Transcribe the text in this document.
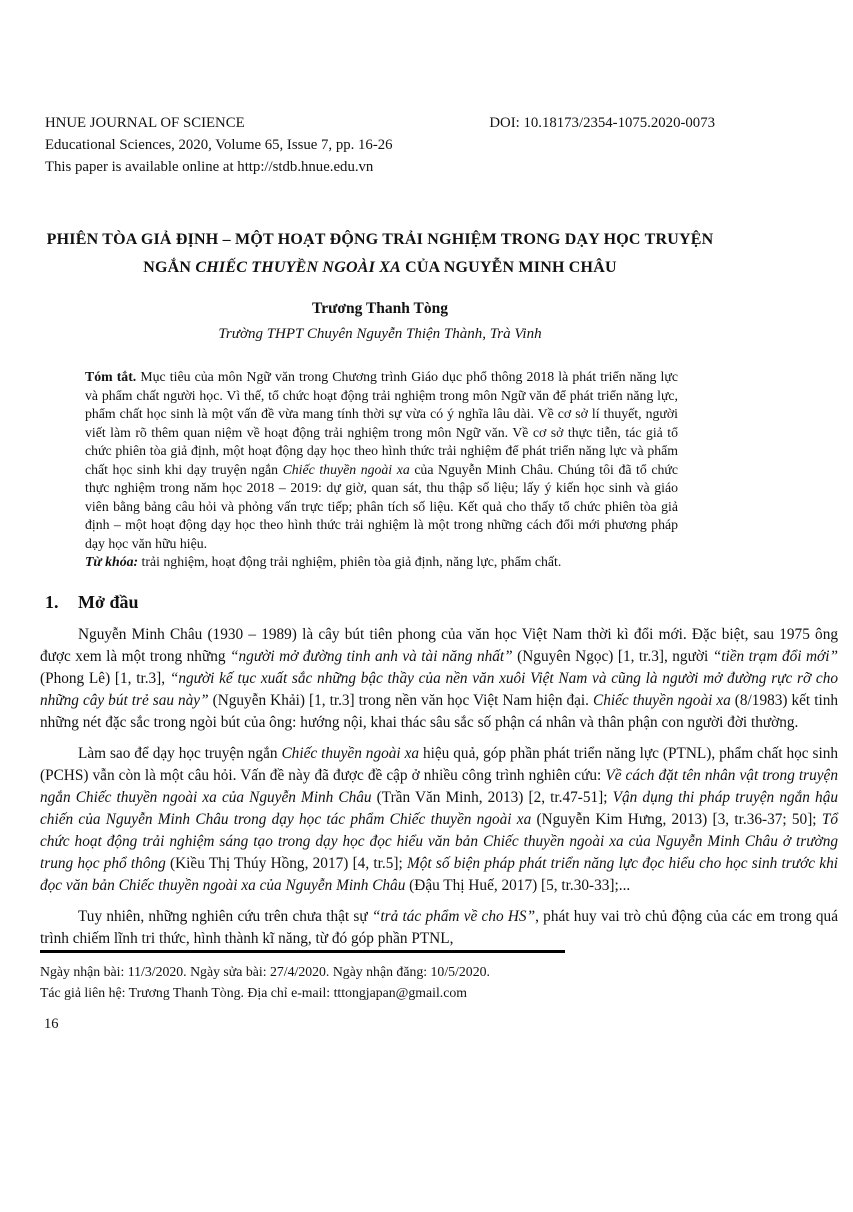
HNUE JOURNAL OF SCIENCE	DOI: 10.18173/2354-1075.2020-0073
Educational Sciences, 2020, Volume 65, Issue 7, pp. 16-26
This paper is available online at http://stdb.hnue.edu.vn
PHIÊN TÒA GIẢ ĐỊNH – MỘT HOẠT ĐỘNG TRẢI NGHIỆM TRONG DẠY HỌC TRUYỆN NGẮN CHIẾC THUYỀN NGOÀI XA CỦA NGUYỄN MINH CHÂU
Trương Thanh Tòng
Trường THPT Chuyên Nguyễn Thiện Thành, Trà Vinh

Tóm tắt. Mục tiêu của môn Ngữ văn trong Chương trình Giáo dục phổ thông 2018 là phát triển năng lực và phẩm chất người học. Vì thế, tổ chức hoạt động trải nghiệm trong môn Ngữ văn để phát triển năng lực, phẩm chất học sinh là một vấn đề vừa mang tính thời sự vừa có ý nghĩa lâu dài. Về cơ sở lí thuyết, người viết làm rõ thêm quan niệm về hoạt động trải nghiệm trong môn Ngữ văn. Về cơ sở thực tiễn, tác giả tổ chức phiên tòa giả định, một hoạt động dạy học theo hình thức trải nghiệm để phát triển năng lực và phẩm chất học sinh khi dạy truyện ngắn Chiếc thuyền ngoài xa của Nguyễn Minh Châu. Chúng tôi đã tổ chức thực nghiệm trong năm học 2018 – 2019: dự giờ, quan sát, thu thập số liệu; lấy ý kiến học sinh và giáo viên bằng bảng câu hỏi và phỏng vấn trực tiếp; phân tích số liệu. Kết quả cho thấy tổ chức phiên tòa giả định – một hoạt động dạy học theo hình thức trải nghiệm là một trong những cách đổi mới phương pháp dạy học văn hữu hiệu.

Từ khóa: trải nghiệm, hoạt động trải nghiệm, phiên tòa giả định, năng lực, phẩm chất.

1. Mở đầu

Nguyễn Minh Châu (1930 – 1989) là cây bút tiên phong của văn học Việt Nam thời kì đổi mới. Đặc biệt, sau 1975 ông được xem là một trong những “người mở đường tinh anh và tài năng nhất” (Nguyên Ngọc) [1, tr.3], người “tiền trạm đổi mới” (Phong Lê) [1, tr.3], “người kế tục xuất sắc những bậc thầy của nền văn xuôi Việt Nam và cũng là người mở đường rực rỡ cho những cây bút trẻ sau này” (Nguyễn Khải) [1, tr.3] trong nền văn học Việt Nam hiện đại. Chiếc thuyền ngoài xa (8/1983) kết tinh những nét đặc sắc trong ngòi bút của ông: hướng nội, khai thác sâu sắc số phận cá nhân và thân phận con người đời thường.

Làm sao để dạy học truyện ngắn Chiếc thuyền ngoài xa hiệu quả, góp phần phát triển năng lực (PTNL), phẩm chất học sinh (PCHS) vẫn còn là một câu hỏi. Vấn đề này đã được đề cập ở nhiều công trình nghiên cứu: Về cách đặt tên nhân vật trong truyện ngắn Chiếc thuyền ngoài xa của Nguyễn Minh Châu (Trần Văn Minh, 2013) [2, tr.47-51]; Vận dụng thi pháp truyện ngắn hậu chiến của Nguyễn Minh Châu trong dạy học tác phẩm Chiếc thuyền ngoài xa (Nguyễn Kim Hưng, 2013) [3, tr.36-37; 50]; Tổ chức hoạt động trải nghiệm sáng tạo trong dạy học đọc hiểu văn bản Chiếc thuyền ngoài xa của Nguyễn Minh Châu ở trường trung học phổ thông (Kiều Thị Thúy Hồng, 2017) [4, tr.5]; Một số biện pháp phát triển năng lực đọc hiểu cho học sinh trước khi đọc văn bản Chiếc thuyền ngoài xa của Nguyễn Minh Châu (Đậu Thị Huế, 2017) [5, tr.30-33];...

Tuy nhiên, những nghiên cứu trên chưa thật sự “trả tác phẩm về cho HS”, phát huy vai trò chủ động của các em trong quá trình chiếm lĩnh tri thức, hình thành kĩ năng, từ đó góp phần PTNL,

Ngày nhận bài: 11/3/2020. Ngày sửa bài: 27/4/2020. Ngày nhận đăng: 10/5/2020.
Tác giả liên hệ: Trương Thanh Tòng. Địa chỉ e-mail: tttongjapan@gmail.com
16
